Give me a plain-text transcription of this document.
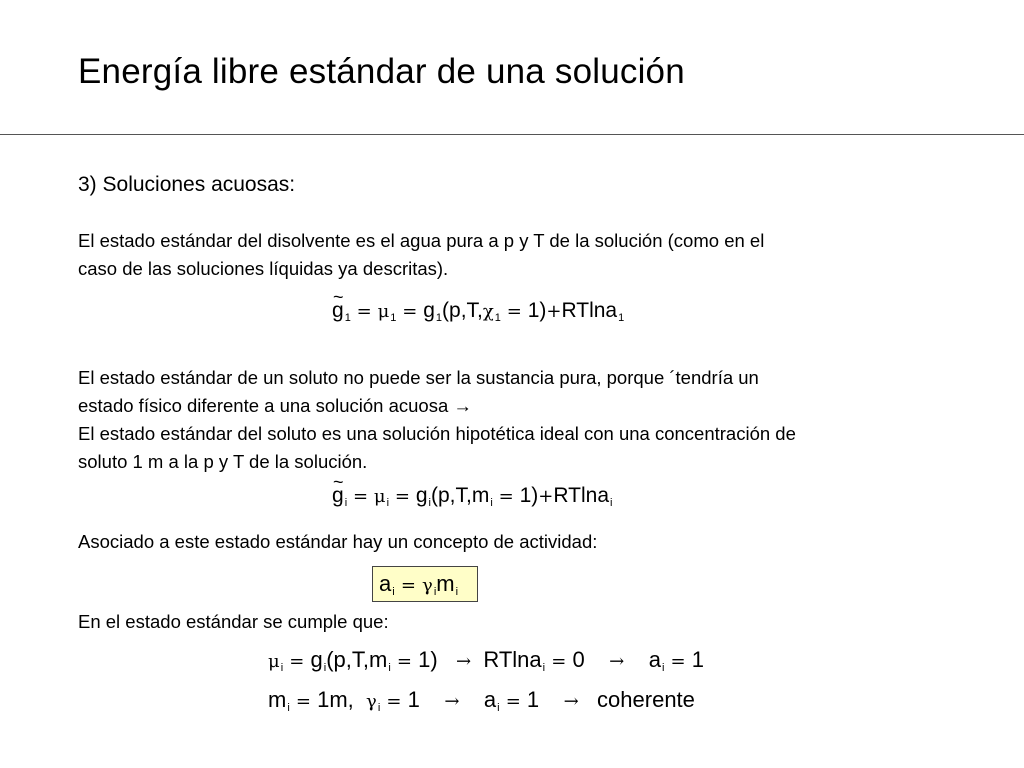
Energía libre estándar de una solución
3) Soluciones acuosas:
El estado estándar del disolvente es el agua pura a p y T de la solución (como en el
caso de las soluciones líquidas ya descritas).
~ $g_1 = \mu_1 = g_1(p,T,\chi_1 = 1)+RTlna_1$
El estado estándar de un soluto no puede ser la sustancia pura, porque ´tendría un
estado físico diferente a una solución acuosa →
El estado estándar del soluto es una solución hipotética ideal con una concentración de
soluto 1 m a la p y T de la solución.
~ $g_i = \mu_i = g_i(p,T,m_i = 1)+RTlna_i$
Asociado a este estado estándar hay un concepto de actividad:
$a_i = \gamma_im_i$
En el estado estándar se cumple que:
$\mu_i = g_i(p,T,m_i = 1) \to RTlna_i = 0 \to a_i = 1$
$m_i = 1m$, $\gamma_i = 1 \to a_i = 1$ → coherente
